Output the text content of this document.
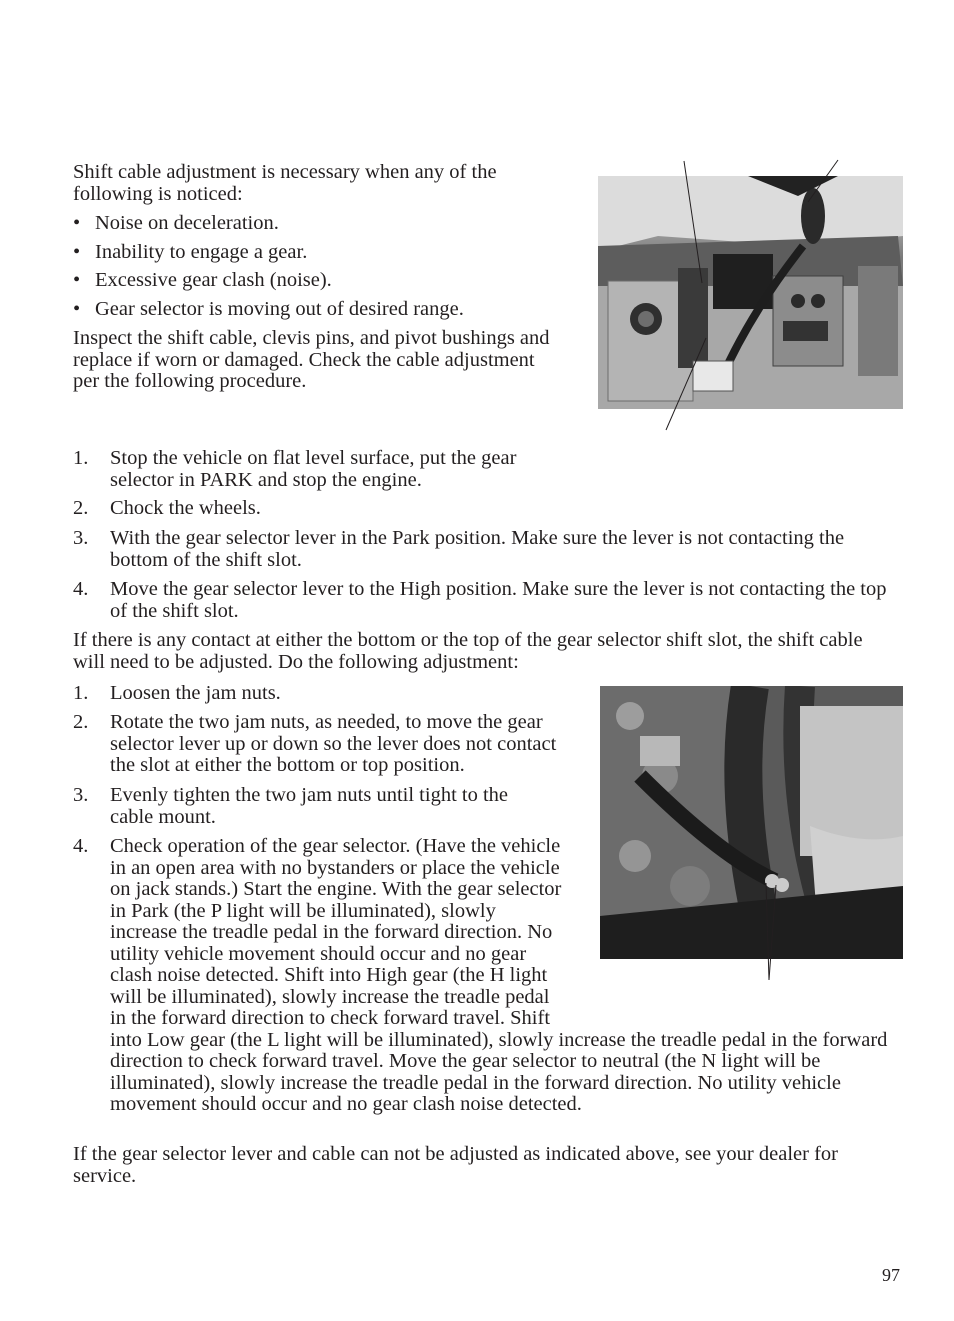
Shift cable adjustment is necessary when any of the following is noticed:

• Noise on deceleration.
• Inability to engage a gear.
• Excessive gear clash (noise).
• Gear selector is moving out of desired range.

Inspect the shift cable, clevis pins, and pivot bushings and replace if worn or damaged. Check the cable adjustment per the following procedure.

1. Stop the vehicle on flat level surface, put the gear selector in PARK and stop the engine.
2. Chock the wheels.
3. With the gear selector lever in the Park position. Make sure the lever is not contacting the bottom of the shift slot.
4. Move the gear selector lever to the High position. Make sure the lever is not contacting the top of the shift slot.

If there is any contact at either the bottom or the top of the gear selector shift slot, the shift cable will need to be adjusted. Do the following adjustment:

1. Loosen the jam nuts.
2. Rotate the two jam nuts, as needed, to move the gear selector lever up or down so the lever does not contact the slot at either the bottom or top position.
3. Evenly tighten the two jam nuts until tight to the cable mount.
4. Check operation of the gear selector. (Have the vehicle in an open area with no bystanders or place the vehicle on jack stands.) Start the engine. With the gear selector in Park (the P light will be illuminated), slowly increase the treadle pedal in the forward direction. No utility vehicle movement should occur and no gear clash noise detected. Shift into High gear (the H light will be illuminated), slowly increase the treadle pedal in the forward direction to check forward travel. Shift into Low gear (the L light will be illuminated), slowly increase the treadle pedal in the forward direction to check forward travel. Move the gear selector to neutral (the N light will be illuminated), slowly increase the treadle pedal in the forward direction. No utility vehicle movement should occur and no gear clash noise detected.

If the gear selector lever and cable can not be adjusted as indicated above, see your dealer for service.

97
